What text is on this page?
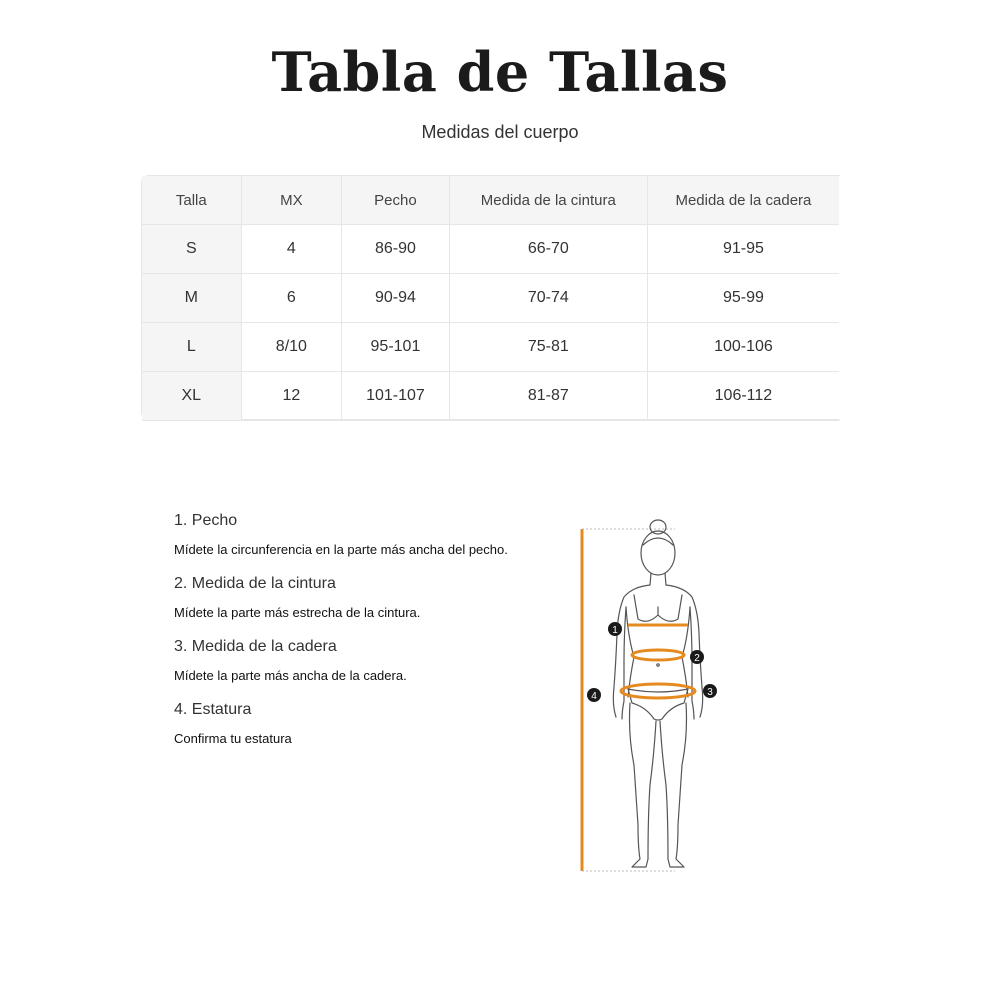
Tabla de Tallas
Medidas del cuerpo
Talla	MX	Pecho	Medida de la cintura	Medida de la cadera
S	4	86-90	66-70	91-95
M	6	90-94	70-74	95-99
L	8/10	95-101	75-81	100-106
XL	12	101-107	81-87	106-112
1. Pecho
Mídete la circunferencia en la parte más ancha del pecho.
2. Medida de la cintura
Mídete la parte más estrecha de la cintura.
3. Medida de la cadera
Mídete la parte más ancha de la cadera.
4. Estatura
Confirma tu estatura
1
2
3
4
